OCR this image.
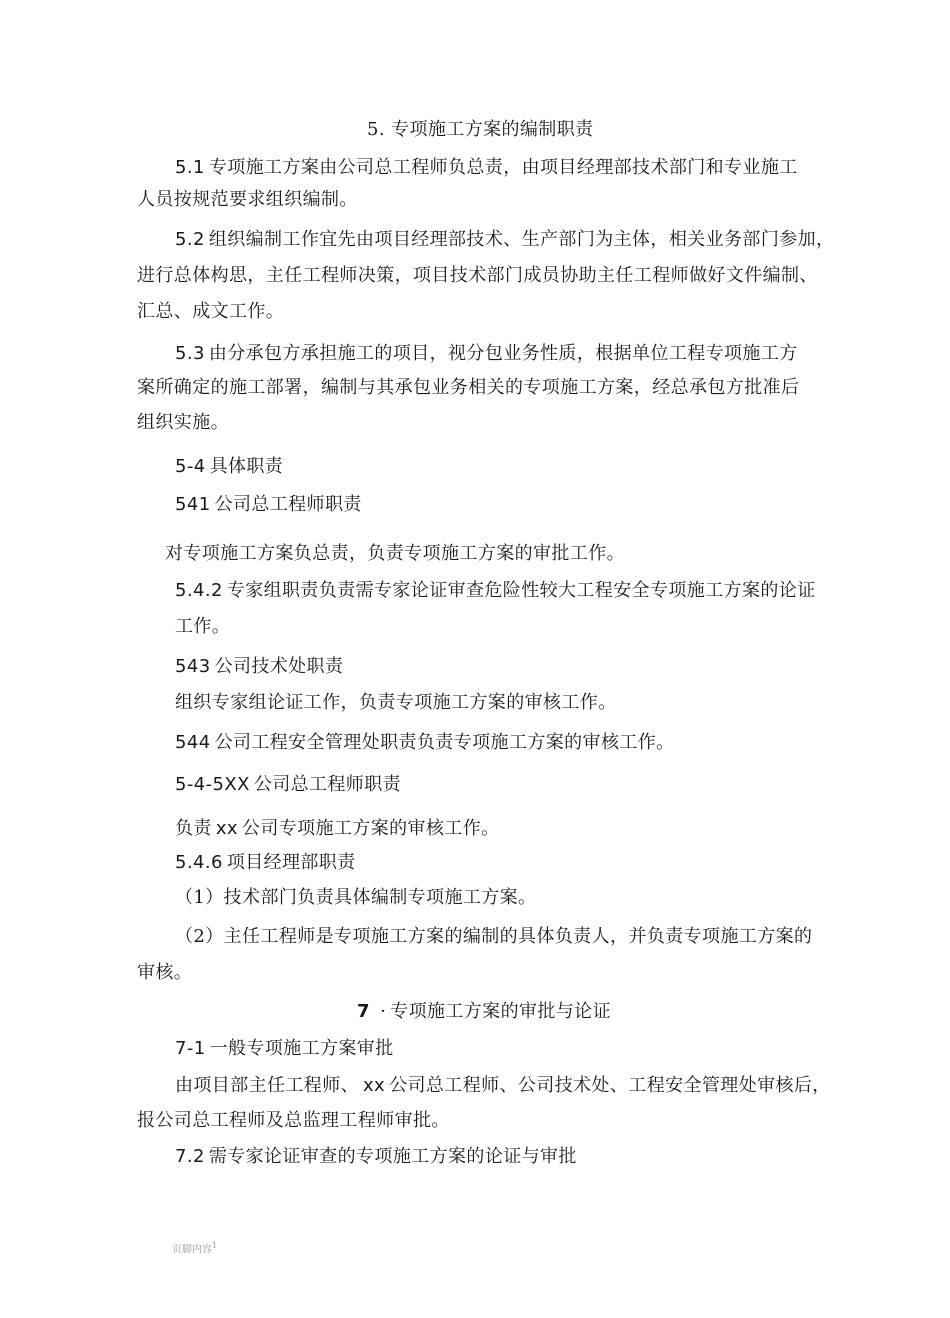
5. 专项施工方案的编制职责
5.1 专项施工方案由公司总工程师负总责，由项目经理部技术部门和专业施工
人员按规范要求组织编制。
5.2 组织编制工作宜先由项目经理部技术、生产部门为主体，相关业务部门参加，
进行总体构思，主任工程师决策，项目技术部门成员协助主任工程师做好文件编制、
汇总、成文工作。
5.3 由分承包方承担施工的项目，视分包业务性质，根据单位工程专项施工方
案所确定的施工部署，编制与其承包业务相关的专项施工方案，经总承包方批准后
组织实施。
5-4 具体职责
541 公司总工程师职责
对专项施工方案负总责，负责专项施工方案的审批工作。
5.4.2 专家组职责负责需专家论证审查危险性较大工程安全专项施工方案的论证
工作。
543 公司技术处职责
组织专家组论证工作，负责专项施工方案的审核工作。
544 公司工程安全管理处职责负责专项施工方案的审核工作。
5-4-5XX 公司总工程师职责
负责 xx 公司专项施工方案的审核工作。
5.4.6 项目经理部职责
（1）技术部门负责具体编制专项施工方案。
（2）主任工程师是专项施工方案的编制的具体负责人，并负责专项施工方案的
审核。
7 · 专项施工方案的审批与论证
7-1 一般专项施工方案审批
由项目部主任工程师、 xx 公司总工程师、公司技术处、工程安全管理处审核后，
报公司总工程师及总监理工程师审批。
7.2 需专家论证审查的专项施工方案的论证与审批
页脚内容$^1$
